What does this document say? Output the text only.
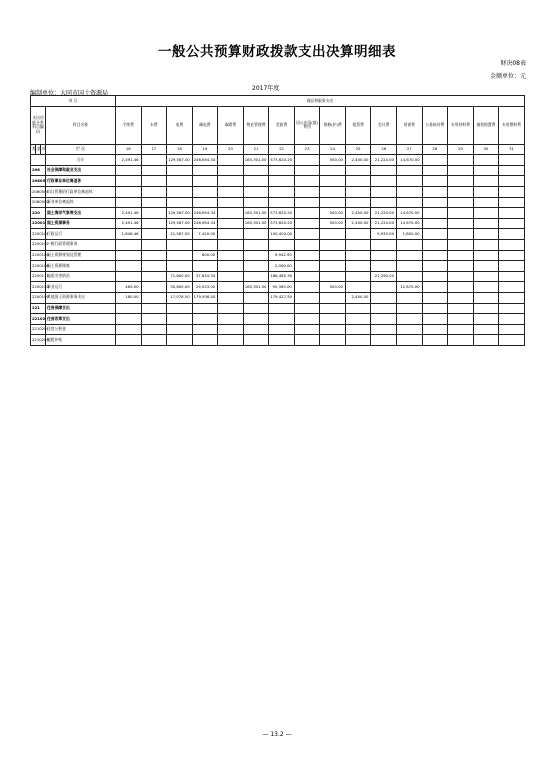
一般公共预算财政拨款支出决算明细表
财决08表
金额单位：元
2017年度
编制单位：大同市国土资源局
项 目				商品和服务支出															
支出功能分类科目编码			科目名称	手续费	水费	电费	邮电费	取暖费	物业管理费	差旅费	因公出国(境)费用	维修(护)费	租赁费	会议费	培训费	公务接待费	专用材料费	被装购置费	专用燃料费
类	款	项	栏 次	16	17	18	19	20	21	22	23	24	25	26	27	28	29	30	31
			合计	2,491.46		129,587.00	246,654.34		185,301.00	573,620.20		500.00	2,400.00	21,224.00	14,670.00				
208			社会保障和就业支出																
20805			行政事业单位离退休																
2080501			归口管理的行政单位离退休																
2080502			事业单位离退休																
220			国土海洋气象等支出	2,491.46		129,587.00	246,654.34		185,301.00	573,620.20		500.00	2,400.00	21,224.00	14,670.00				
22001			国土资源事务	2,491.46		129,587.00	246,654.34		185,301.00	573,620.20		500.00	2,400.00	21,224.00	14,670.00				
2200101			行政运行	1,846.46		21,587.50	7,420.00			100,400.00				9,933.00	1,800.00				
2200102			一般行政管理事务																
2200104			国土资源规划及管理				600.00			9,942.50									
2200106			国土资源调查							2,000.00									
2200111			地质灾害防治			71,600.00	37,654.34			186,485.30				21,290.00					
2200150			事业运行	465.00		30,600.00	29,023.00		185,301.00	95,365.00		500.00			12,870.00				
2200199			其他国土资源事务支出	180.00		17,078.50	179,936.00			179,427.50			2,400.00						
221			住房保障支出																
22102			住房改革支出																
2210201			住房公积金																
2210203			提租补贴																
— 13.2 —
